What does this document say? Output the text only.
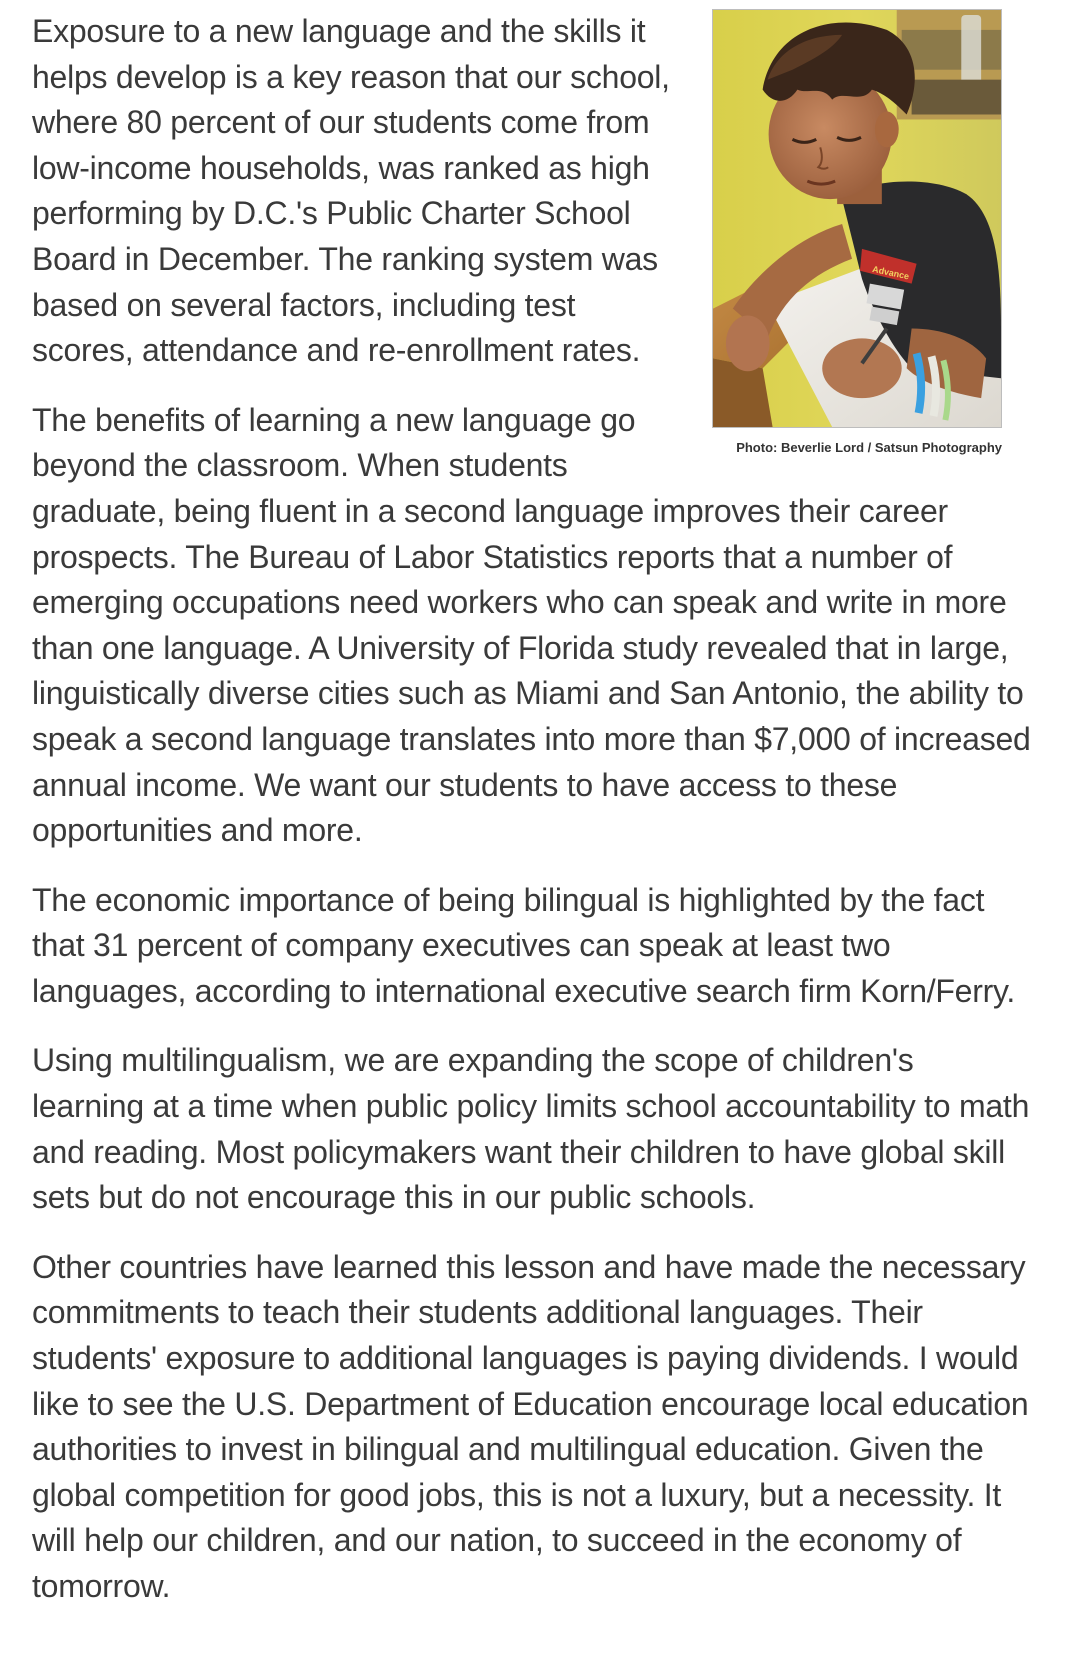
Advance

Photo: Beverlie Lord / Satsun Photography

Exposure to a new language and the skills it helps develop is a key reason that our school, where 80 percent of our students come from low-income households, was ranked as high performing by D.C.'s Public Charter School Board in December. The ranking system was based on several factors, including test scores, attendance and re-enrollment rates.

The benefits of learning a new language go beyond the classroom. When students graduate, being fluent in a second language improves their career prospects. The Bureau of Labor Statistics reports that a number of emerging occupations need workers who can speak and write in more than one language. A University of Florida study revealed that in large, linguistically diverse cities such as Miami and San Antonio, the ability to speak a second language translates into more than $7,000 of increased annual income. We want our students to have access to these opportunities and more.

The economic importance of being bilingual is highlighted by the fact that 31 percent of company executives can speak at least two languages, according to international executive search firm Korn/Ferry.

Using multilingualism, we are expanding the scope of children's learning at a time when public policy limits school accountability to math and reading. Most policymakers want their children to have global skill sets but do not encourage this in our public schools.

Other countries have learned this lesson and have made the necessary commitments to teach their students additional languages. Their students' exposure to additional languages is paying dividends. I would like to see the U.S. Department of Education encourage local education authorities to invest in bilingual and multilingual education. Given the global competition for good jobs, this is not a luxury, but a necessity. It will help our children, and our nation, to succeed in the economy of tomorrow.
